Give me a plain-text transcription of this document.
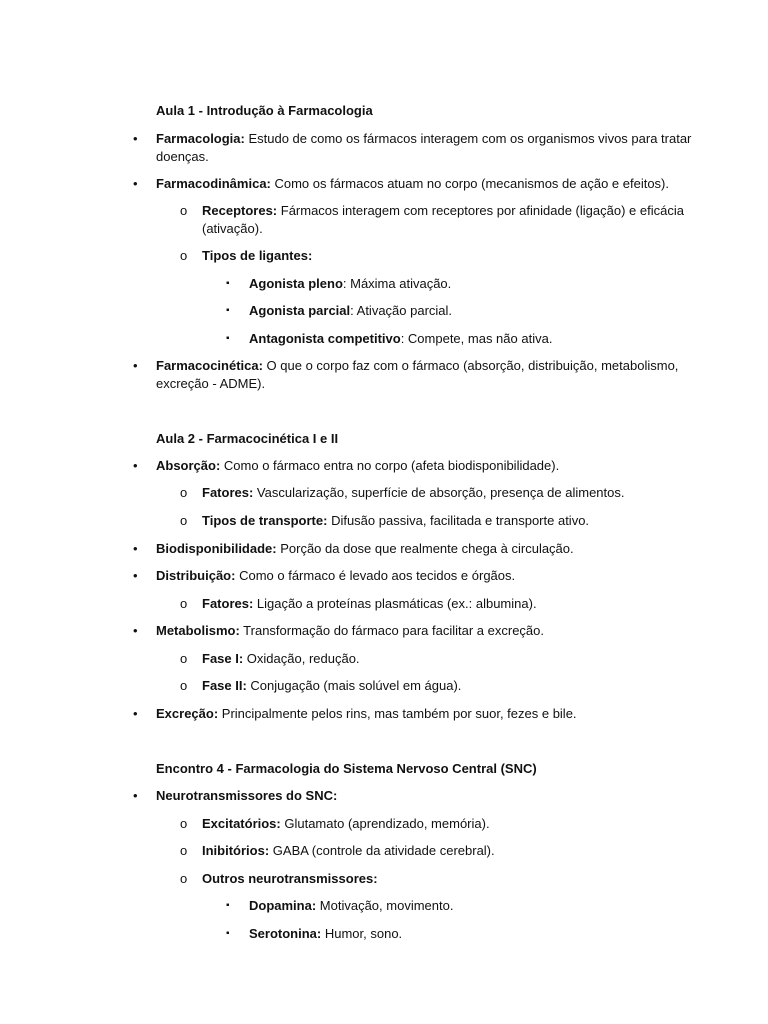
Aula 1 - Introdução à Farmacologia
• Farmacologia: Estudo de como os fármacos interagem com os organismos vivos para tratar doenças.
• Farmacodinâmica: Como os fármacos atuam no corpo (mecanismos de ação e efeitos).
o Receptores: Fármacos interagem com receptores por afinidade (ligação) e eficácia (ativação).
o Tipos de ligantes:
▪ Agonista pleno: Máxima ativação.
▪ Agonista parcial: Ativação parcial.
▪ Antagonista competitivo: Compete, mas não ativa.
• Farmacocinética: O que o corpo faz com o fármaco (absorção, distribuição, metabolismo, excreção - ADME).
Aula 2 - Farmacocinética I e II
• Absorção: Como o fármaco entra no corpo (afeta biodisponibilidade).
o Fatores: Vascularização, superfície de absorção, presença de alimentos.
o Tipos de transporte: Difusão passiva, facilitada e transporte ativo.
• Biodisponibilidade: Porção da dose que realmente chega à circulação.
• Distribuição: Como o fármaco é levado aos tecidos e órgãos.
o Fatores: Ligação a proteínas plasmáticas (ex.: albumina).
• Metabolismo: Transformação do fármaco para facilitar a excreção.
o Fase I: Oxidação, redução.
o Fase II: Conjugação (mais solúvel em água).
• Excreção: Principalmente pelos rins, mas também por suor, fezes e bile.
Encontro 4 - Farmacologia do Sistema Nervoso Central (SNC)
• Neurotransmissores do SNC:
o Excitatórios: Glutamato (aprendizado, memória).
o Inibitórios: GABA (controle da atividade cerebral).
o Outros neurotransmissores:
▪ Dopamina: Motivação, movimento.
▪ Serotonina: Humor, sono.
